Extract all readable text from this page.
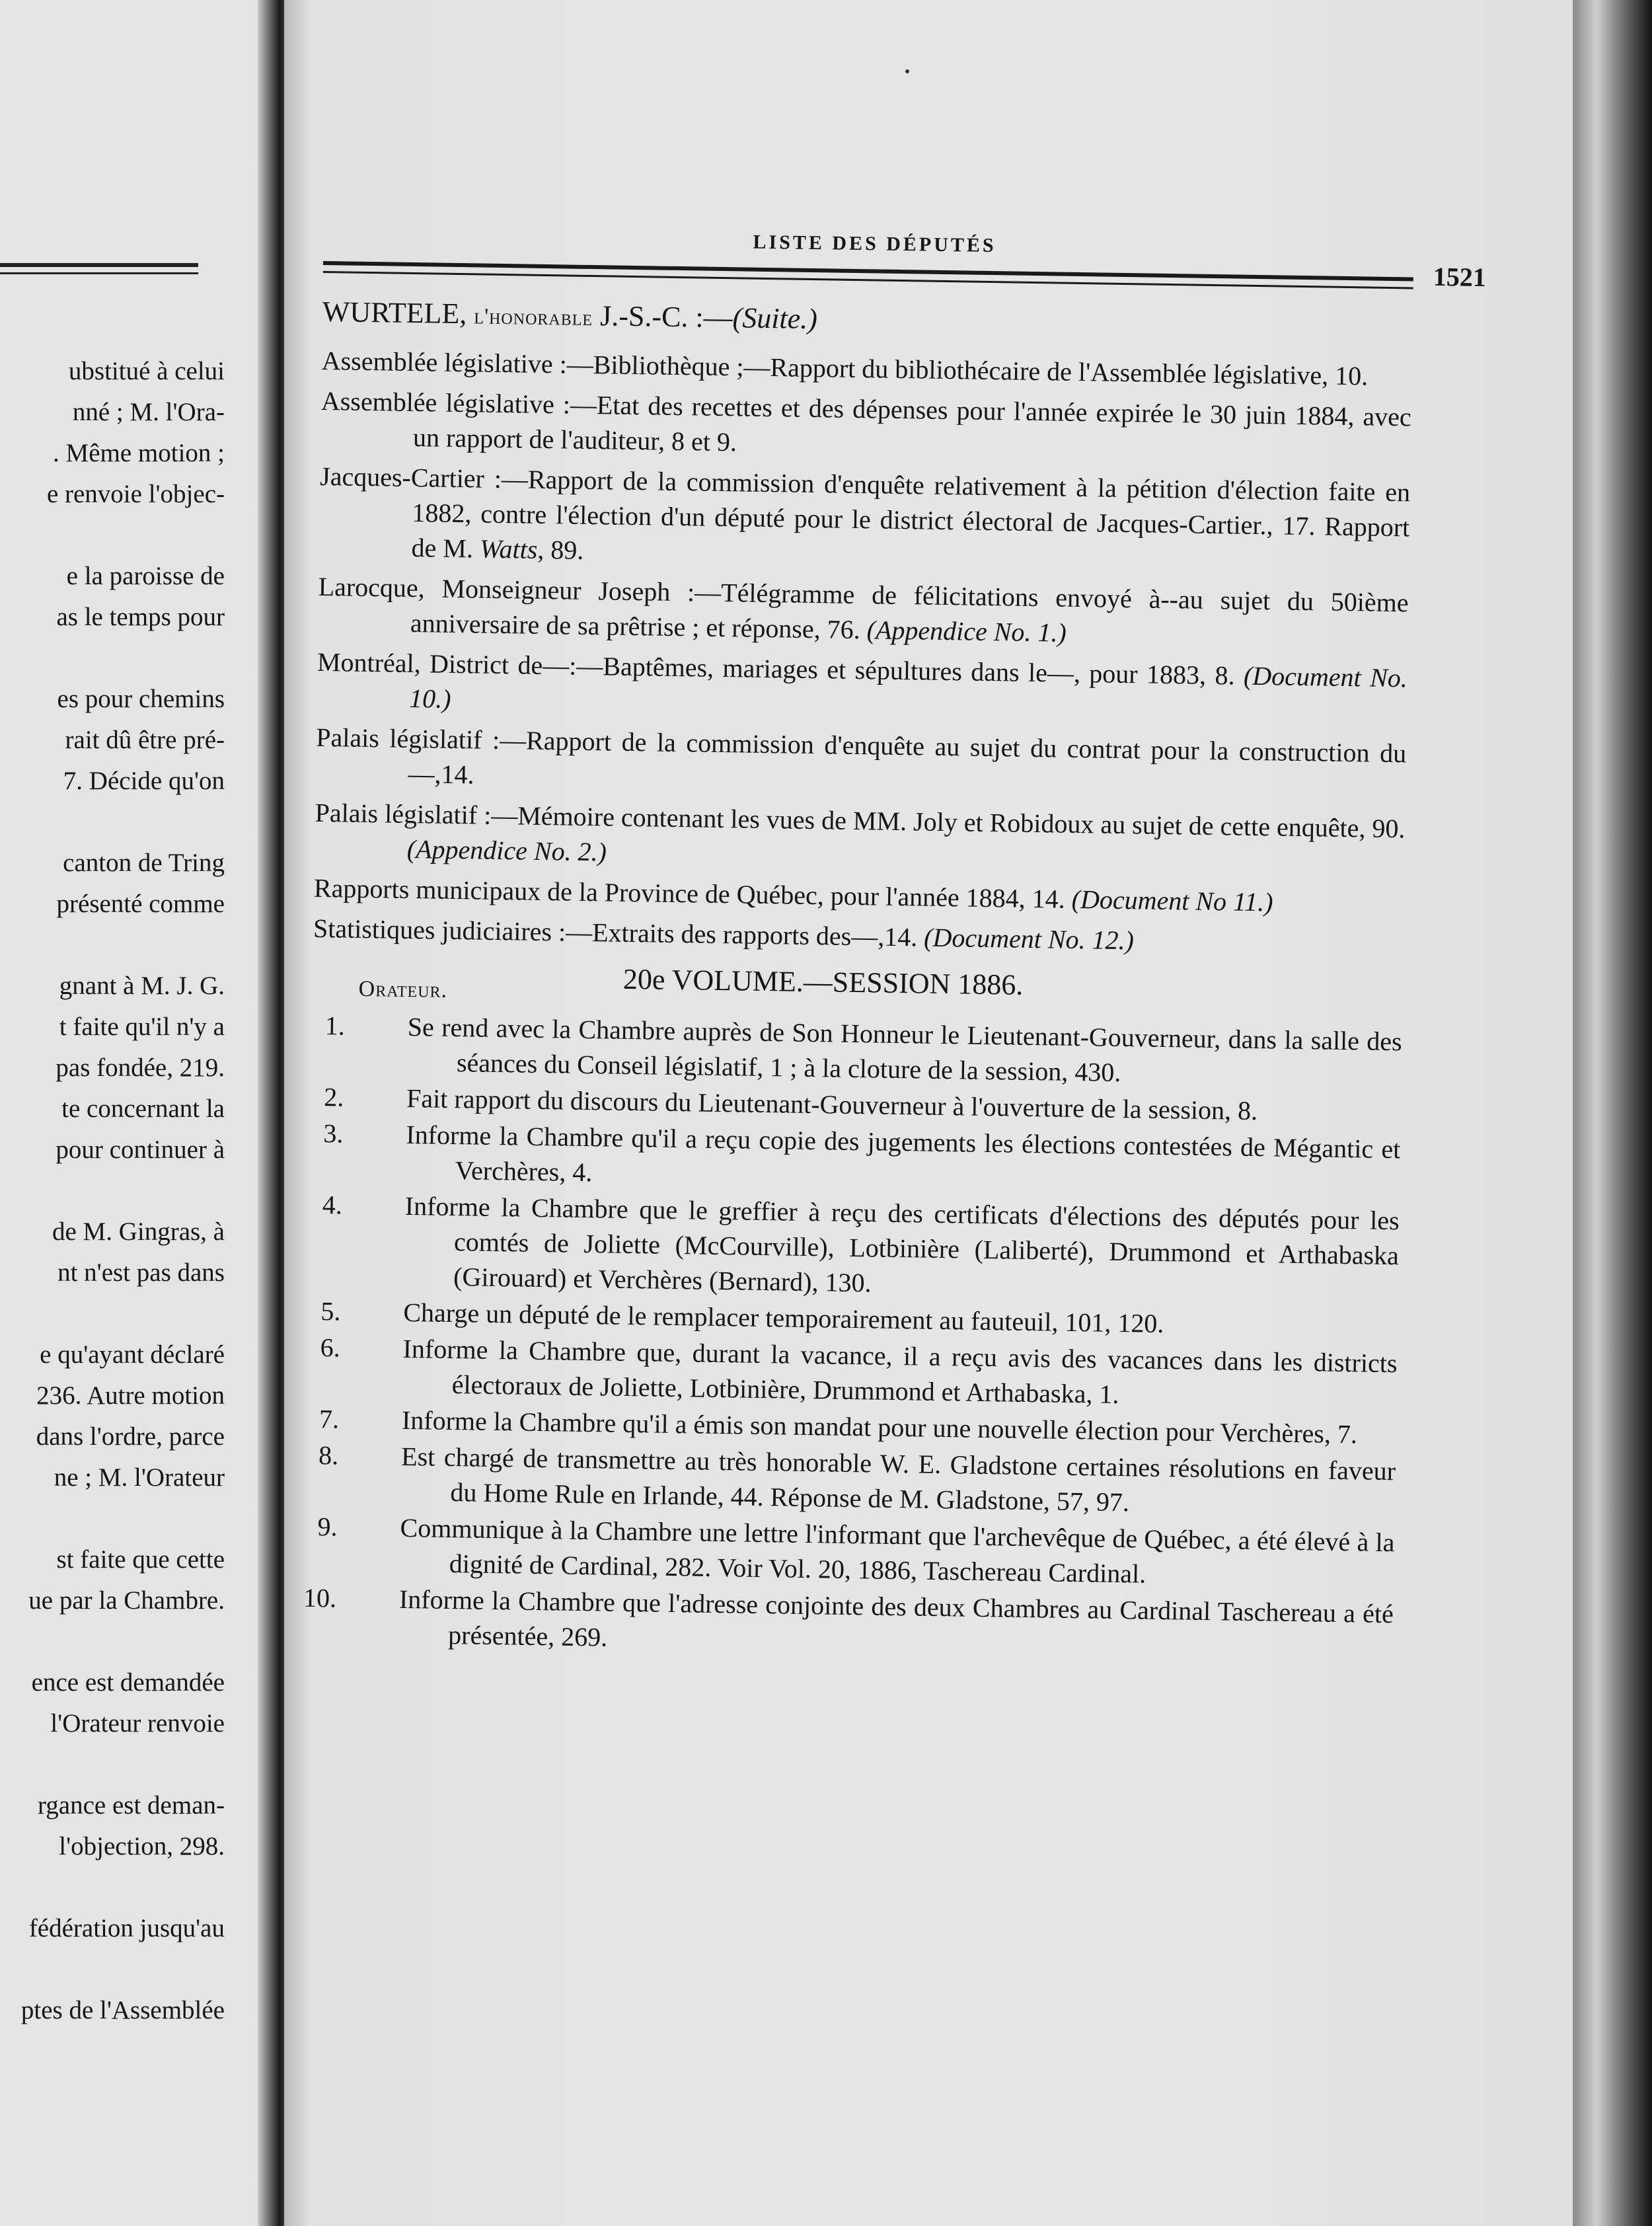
ubstitué à celui
nné ; M. l'Ora-
. Même motion ;
e renvoie l'objec-
e la paroisse de
as le temps pour
es pour chemins
rait dû être pré-
7. Décide qu'on
canton de Tring
présenté comme
gnant à M. J. G.
t faite qu'il n'y a
pas fondée, 219.
te concernant la
pour continuer à
de M. Gingras, à
nt n'est pas dans
e qu'ayant déclaré
236. Autre motion
dans l'ordre, parce
ne ; M. l'Orateur
st faite que cette
ue par la Chambre.
ence est demandée
l'Orateur renvoie
rgance est deman-
l'objection, 298.
fédération jusqu'au
ptes de l'Assemblée
LISTE DES DÉPUTÉS
1521
WURTELE, l'honorable J.-S.-C. :—(Suite.)
Assemblée législative :—Bibliothèque ;—Rapport du bibliothécaire de l'Assemblée législative, 10.
Assemblée législative :—Etat des recettes et des dépenses pour l'année expirée le 30 juin 1884, avec un rapport de l'auditeur, 8 et 9.
Jacques-Cartier :—Rapport de la commission d'enquête relativement à la pétition d'élection faite en 1882, contre l'élection d'un député pour le district électoral de Jacques-Cartier., 17. Rapport de M. Watts, 89.
Larocque, Monseigneur Joseph :—Télégramme de félicitations envoyé à--au sujet du 50ième anniversaire de sa prêtrise ; et réponse, 76. (Appendice No. 1.)
Montréal, District de—:—Baptêmes, mariages et sépultures dans le—, pour 1883, 8. (Document No. 10.)
Palais législatif :—Rapport de la commission d'enquête au sujet du contrat pour la construction du—,14.
Palais législatif :—Mémoire contenant les vues de MM. Joly et Robidoux au sujet de cette enquête, 90. (Appendice No. 2.)
Rapports municipaux de la Province de Québec, pour l'année 1884, 14. (Document No 11.)
Statistiques judiciaires :—Extraits des rapports des—,14. (Document No. 12.)
Orateur.	20e VOLUME.—SESSION 1886.
1. Se rend avec la Chambre auprès de Son Honneur le Lieutenant-Gouverneur, dans la salle des séances du Conseil législatif, 1 ; à la cloture de la session, 430.
2. Fait rapport du discours du Lieutenant-Gouverneur à l'ouverture de la session, 8.
3. Informe la Chambre qu'il a reçu copie des jugements les élections contestées de Mégantic et Verchères, 4.
4. Informe la Chambre que le greffier à reçu des certificats d'élections des députés pour les comtés de Joliette (McCourville), Lotbinière (Laliberté), Drummond et Arthabaska (Girouard) et Verchères (Bernard), 130.
5. Charge un député de le remplacer temporairement au fauteuil, 101, 120.
6. Informe la Chambre que, durant la vacance, il a reçu avis des vacances dans les districts électoraux de Joliette, Lotbinière, Drummond et Arthabaska, 1.
7. Informe la Chambre qu'il a émis son mandat pour une nouvelle élection pour Verchères, 7.
8. Est chargé de transmettre au très honorable W. E. Gladstone certaines résolutions en faveur du Home Rule en Irlande, 44. Réponse de M. Gladstone, 57, 97.
9. Communique à la Chambre une lettre l'informant que l'archevêque de Québec, a été élevé à la dignité de Cardinal, 282. Voir Vol. 20, 1886, Taschereau Cardinal.
10. Informe la Chambre que l'adresse conjointe des deux Chambres au Cardinal Taschereau a été présentée, 269.
